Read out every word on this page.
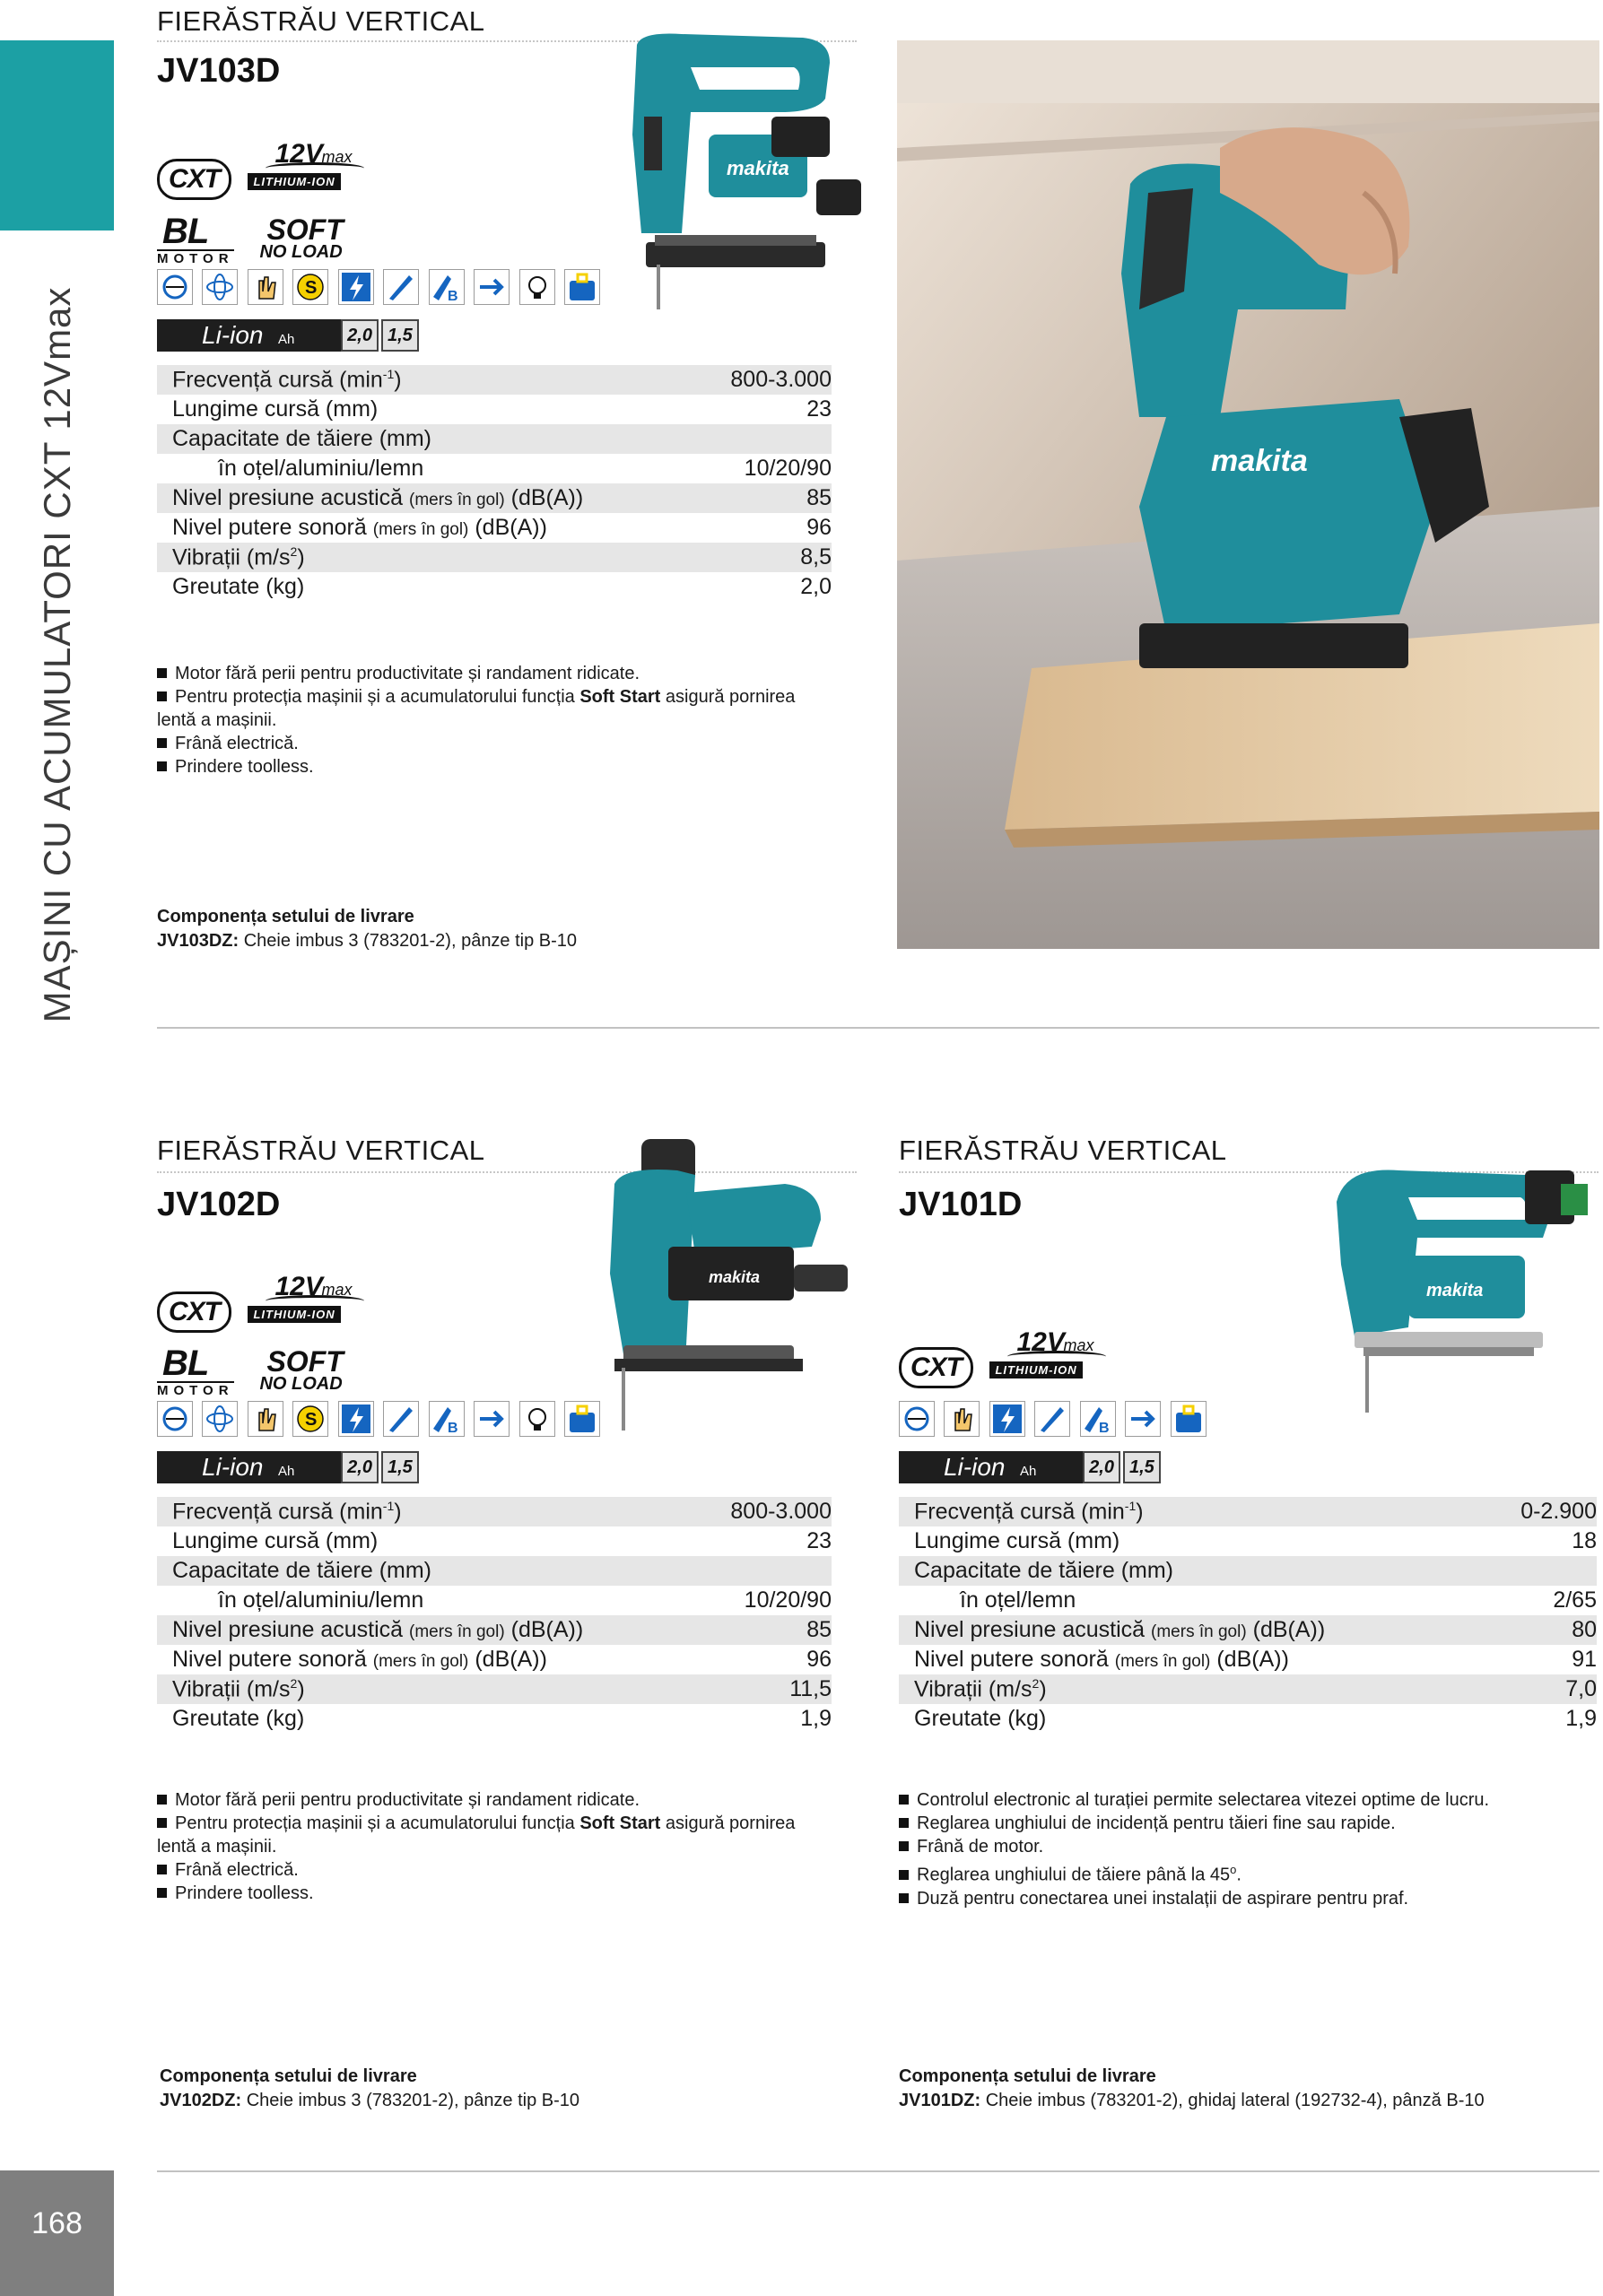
MAȘINI CU ACUMULATORI CXT 12Vmax
168
FIERĂSTRĂU VERTICAL
JV103D
makita
CXT
12V
max
LITHIUM-ION
BL
MOTOR

SOFT
NO LOAD

S

	B

Li-ion Ah	2,0 1,5
Frecvență cursă $(\min^{-1})$	800-3.000
Lungime cursă (mm)	23
Capacitate de tăiere (mm)	
în oțel/aluminiu/lemn	10/20/90
Nivel presiune acustică (mers în gol) (dB(A))	85
Nivel putere sonoră (mers în gol) (dB(A))	96
Vibrații $(m/s^2)$	8,5
Greutate (kg)	2,0
Motor fără perii pentru productivitate și randament ridicate.
Pentru protecția mașinii și a acumulatorului funcția Soft Start asigură pornirea lentă a mașinii.
Frână electrică.
Prindere toolless.
Componența setului de livrare
JV103DZ: Cheie imbus 3 (783201-2), pânze tip B-10
makita
FIERĂSTRĂU VERTICAL
JV102D
makita
CXT
12V
max
LITHIUM-ION
BL
MOTOR

SOFT
NO LOAD

S

	B

Li-ion Ah	2,0 1,5
Frecvență cursă $(\min^{-1})$	800-3.000
Lungime cursă (mm)	23
Capacitate de tăiere (mm)	
în oțel/aluminiu/lemn	10/20/90
Nivel presiune acustică (mers în gol) (dB(A))	85
Nivel putere sonoră (mers în gol) (dB(A))	96
Vibrații $(m/s^2)$	11,5
Greutate (kg)	1,9
Motor fără perii pentru productivitate și randament ridicate.
Pentru protecția mașinii și a acumulatorului funcția Soft Start asigură pornirea lentă a mașinii.
Frână electrică.
Prindere toolless.
Componența setului de livrare
JV102DZ: Cheie imbus 3 (783201-2), pânze tip B-10
FIERĂSTRĂU VERTICAL
JV101D
makita
CXT
12V
max
LITHIUM-ION

B

Li-ion Ah	2,0 1,5
Frecvență cursă $(\min^{-1})$	0-2.900
Lungime cursă (mm)	18
Capacitate de tăiere (mm)	
în oțel/lemn	2/65
Nivel presiune acustică (mers în gol) (dB(A))	80
Nivel putere sonoră (mers în gol) (dB(A))	91
Vibrații $(m/s^2)$	7,0
Greutate (kg)	1,9
Controlul electronic al turației permite selectarea vitezei optime de lucru.
Reglarea unghiului de incidență pentru tăieri fine sau rapide.
Frână de motor.
Reglarea unghiului de tăiere până la 45$^o$.
Duză pentru conectarea unei instalații de aspirare pentru praf.
Componența setului de livrare
JV101DZ: Cheie imbus (783201-2), ghidaj lateral (192732-4), pânză B-10
